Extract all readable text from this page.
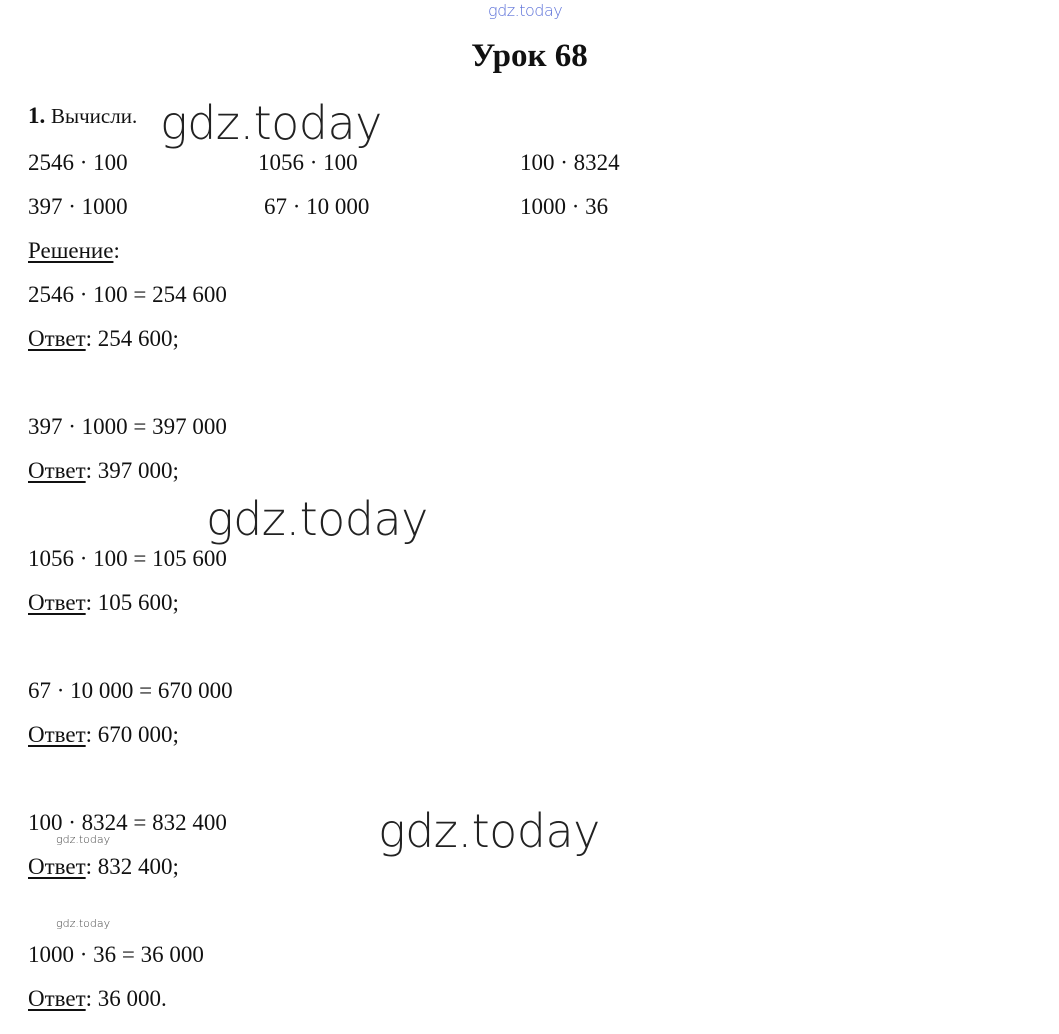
gdz.today
gdz.today
gdz.today
gdz.today
gdz.today
gdz.today
Урок 68
1. Вычисли.
2546 · 100	1056 · 100	100 · 8324
397 · 1000	67 · 10 000	1000 · 36
Решение:
2546 · 100 = 254 600
Ответ: 254 600;
397 · 1000 = 397 000
Ответ: 397 000;
1056 · 100 = 105 600
Ответ: 105 600;
67 · 10 000 = 670 000
Ответ: 670 000;
100 · 8324 = 832 400
Ответ: 832 400;
1000 · 36 = 36 000
Ответ: 36 000.
